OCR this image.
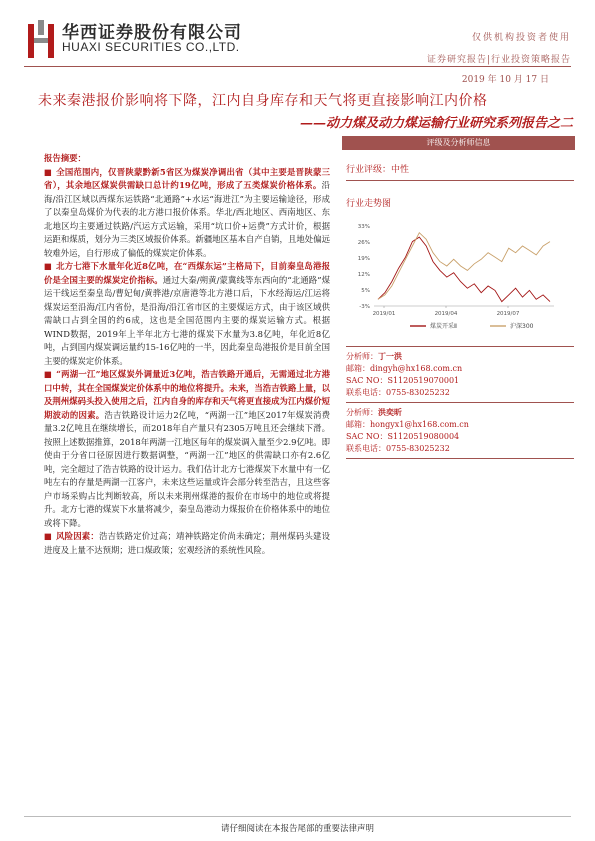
华西证券股份有限公司
HUAXI SECURITIES CO.,LTD.
仅供机构投资者使用
证券研究报告|行业投资策略报告
2019 年 10 月 17 日
未来秦港报价影响将下降，江内自身库存和天气将更直接影响江内价格
——动力煤及动力煤运输行业研究系列报告之二
报告摘要：
■ 全国范围内，仅晋陕蒙黔新5省区为煤炭净调出省（其中主要是晋陕蒙三省），其余地区煤炭供需缺口总计约19亿吨，形成了五类煤炭价格体系。沿海/沿江区域以西煤东运铁路“北通路”+水运“海进江”为主要运输途径，形成了以秦皇岛煤价为代表的北方港口报价体系。华北/西北地区、西南地区、东北地区均主要通过铁路/汽运方式运输，采用“坑口价+运费”方式计价，根据运距和煤质，划分为三类区域报价体系。新疆地区基本自产自销，且地处偏远较难外运，自行形成了偏低的煤炭定价体系。
■ 北方七港下水量年化近8亿吨，在“西煤东运”主格局下，目前秦皇岛港报价是全国主要的煤炭定价指标。通过大秦/朔黄/蒙冀线等东西向的“北通路”煤运干线运至秦皇岛/曹妃甸/黄骅港/京唐港等北方港口后，下水经海运/江运将煤炭运至沿海/江内省份，是沿海/沿江省市区的主要煤运方式，由于该区域供需缺口占到全国的约6成，这也是全国范围内主要的煤炭运输方式。根据WIND数据，2019年上半年北方七港的煤炭下水量为3.8亿吨，年化近8亿吨，占到国内煤炭调运量约15-16亿吨的一半，因此秦皇岛港报价是目前全国主要的煤炭定价体系。
■ “两湖一江”地区煤炭外调量近3亿吨，浩吉铁路开通后，无需通过北方港口中转，其在全国煤炭定价体系中的地位将提升。未来，当浩吉铁路上量，以及荆州煤码头投入使用之后，江内自身的库存和天气将更直接成为江内煤价短期波动的因素。浩吉铁路设计运力2亿吨，“两湖一江”地区2017年煤炭消费量3.2亿吨且在继续增长，而2018年自产量只有2305万吨且还会继续下滑。按照上述数据推算，2018年两湖一江地区每年的煤炭调入量至少2.9亿吨。即使由于分省口径原因进行数据调整，“两湖一江”地区的供需缺口亦有2.6亿吨，完全超过了浩吉铁路的设计运力。我们估计北方七港煤炭下水量中有一亿吨左右的存量是两湖一江客户，未来这些运量或许会部分转至浩吉，且这些客户市场采购占比判断较高，所以未来荆州煤港的报价在市场中的地位或将提升。北方七港的煤炭下水量将减少，秦皇岛港动力煤报价在价格体系中的地位或将下降。
■ 风险因素：浩吉铁路定价过高；靖神铁路定价尚未确定；荆州煤码头建设进度及上量不达预期；进口煤政策；宏观经济的系统性风险。
评级及分析师信息
行业评级：中性
行业走势图
-3%
5%
12%
19%
26%
33%
2019/01	2019/04	2019/07
煤炭开采Ⅱ	沪深300
分析师：丁一洪
邮箱：dingyh@hx168.com.cn
SAC NO：S1120519070001
联系电话：0755-83025232
分析师：洪奕昕
邮箱：hongyx1@hx168.com.cn
SAC NO：S1120519080004
联系电话：0755-83025232
请仔细阅读在本报告尾部的重要法律声明
